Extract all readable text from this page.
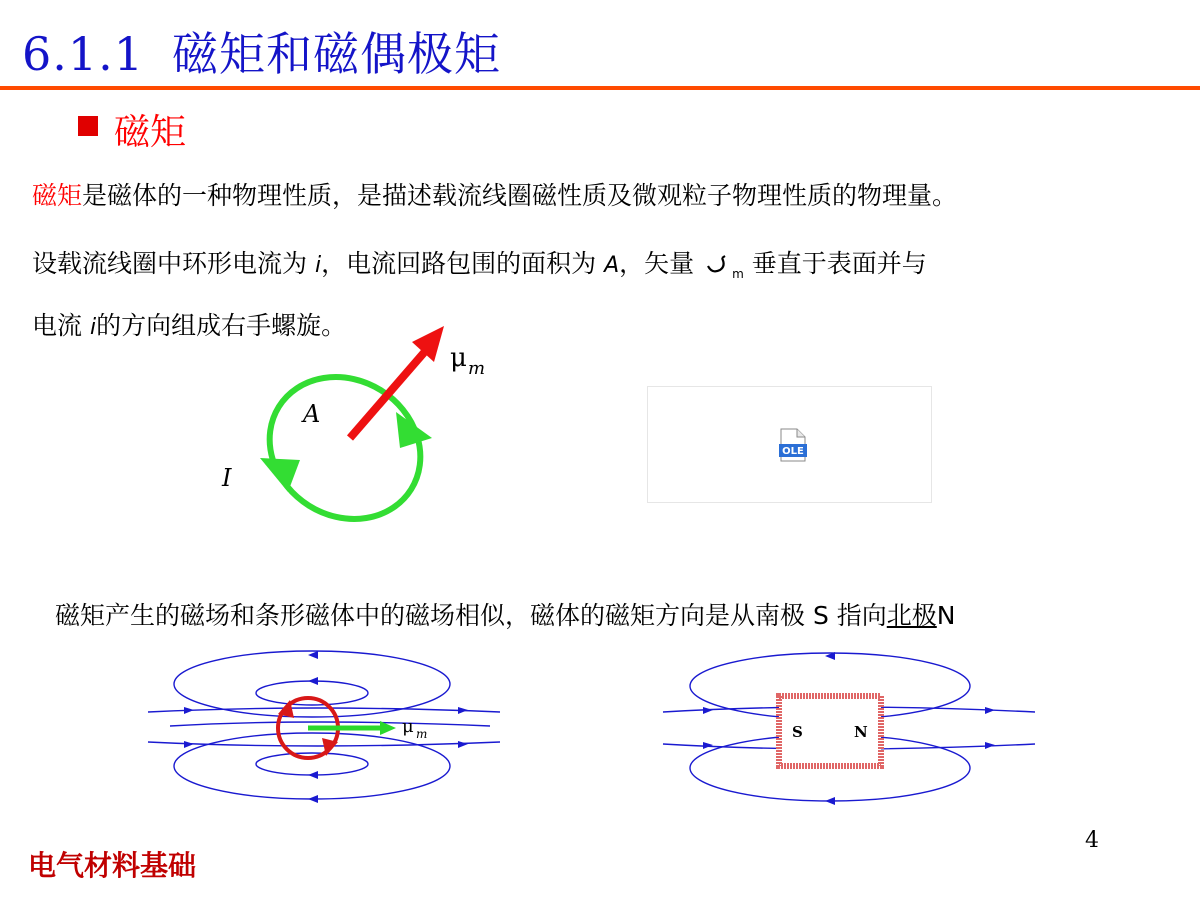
6.1.1 磁矩和磁偶极矩
磁矩
磁矩是磁体的一种物理性质，是描述载流线圈磁性质及微观粒子物理性质的物理量。
设载流线圈中环形电流为 i，电流回路包围的面积为 A，矢量	$_m$ 垂直于表面并与
电流 i的方向组成右手螺旋。
μ m
A
I
OLE
磁矩产生的磁场和条形磁体中的磁场相似，磁体的磁矩方向是从南极 S 指向北极N
μ m	S	N
4
电气材料基础
